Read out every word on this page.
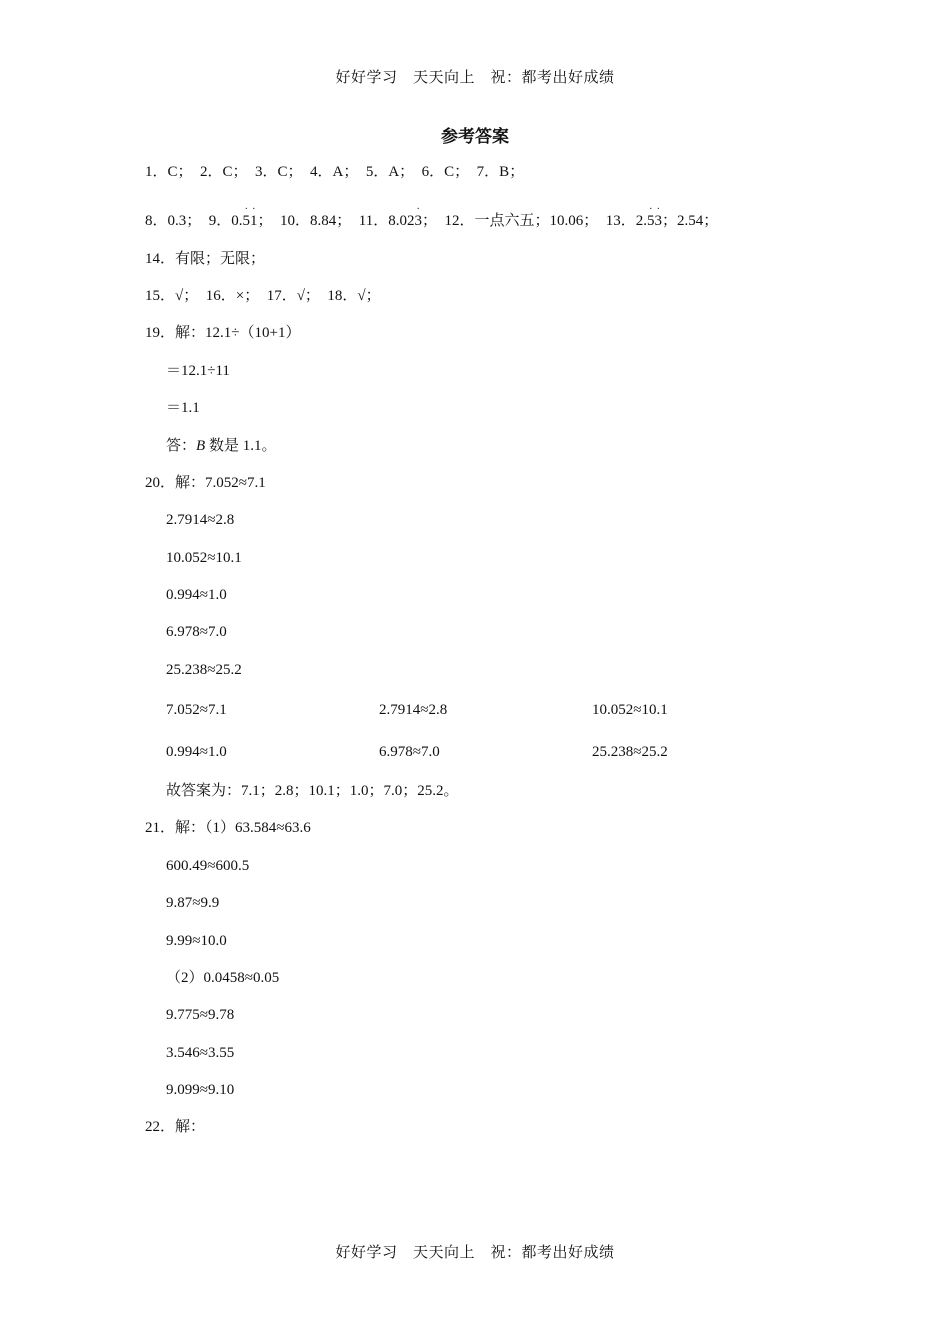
好好学习　天天向上　祝：都考出好成绩
参考答案
1．C；　2．C；　3．C；　4．A；　5．A；　6．C；　7．B；
8．0.3；　9．0.· 5· 1；　10．8.84；　11．8.02· 3；　12．一点六五；10.06；　13．2.· 5· 3；2.54；
14．有限；无限；
15．√；　16．×；　17．√；　18．√；
19．解：12.1÷（10+1）
＝12.1÷11
＝1.1
答：B 数是 1.1。
20．解：7.052≈7.1
2.7914≈2.8
10.052≈10.1
0.994≈1.0
6.978≈7.0
25.238≈25.2
7.052≈7.1	2.7914≈2.8	10.052≈10.1
0.994≈1.0	6.978≈7.0	25.238≈25.2
故答案为：7.1；2.8；10.1；1.0；7.0；25.2。
21．解：（1）63.584≈63.6
600.49≈600.5
9.87≈9.9
9.99≈10.0
（2）0.0458≈0.05
9.775≈9.78
3.546≈3.55
9.099≈9.10
22．解：
好好学习　天天向上　祝：都考出好成绩
